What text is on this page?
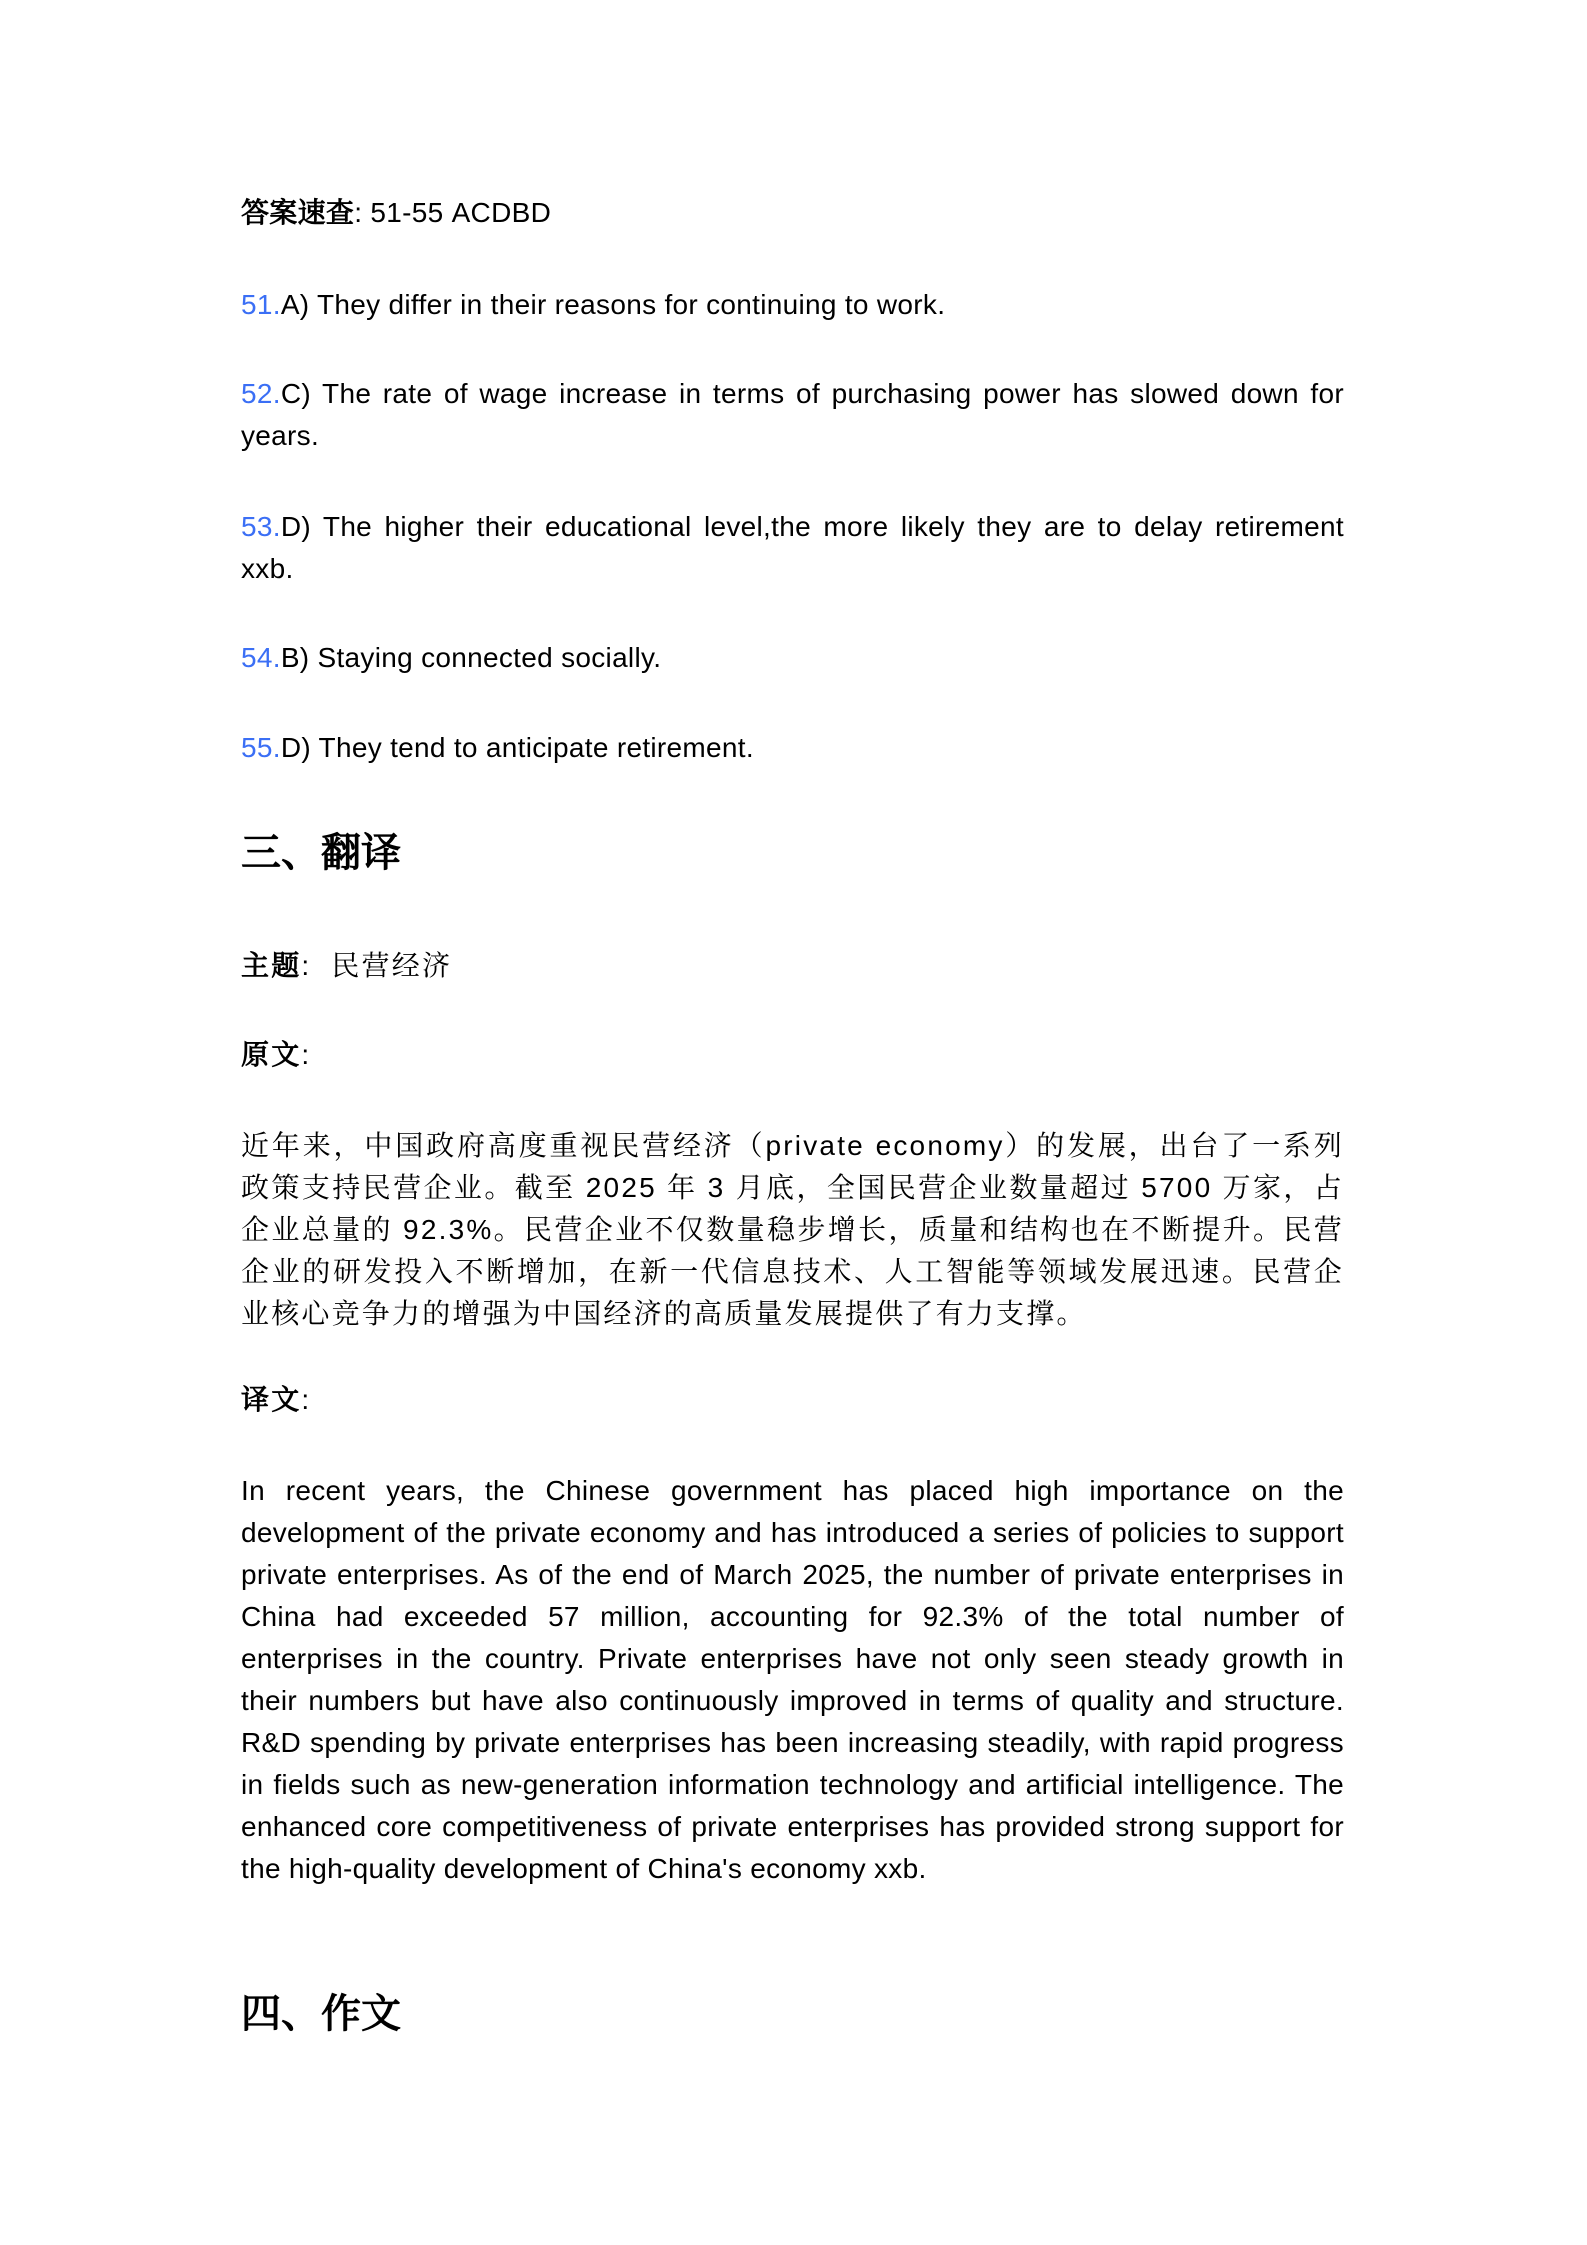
答案速查: 51-55 ACDBD

51.A) They differ in their reasons for continuing to work.

52.C) The rate of wage increase in terms of purchasing power has slowed down for years.

53.D) The higher their educational level,the more likely they are to delay retirement xxb.

54.B) Staying connected socially.

55.D) They tend to anticipate retirement.

三、翻译

主题: 民营经济

原文:

近年来，中国政府高度重视民营经济（private economy）的发展，出台了一系列政策支持民营企业。截至 2025 年 3 月底，全国民营企业数量超过 5700 万家，占企业总量的 92.3%。民营企业不仅数量稳步增长，质量和结构也在不断提升。民营企业的研发投入不断增加，在新一代信息技术、人工智能等领域发展迅速。民营企业核心竞争力的增强为中国经济的高质量发展提供了有力支撑。

译文:

In recent years, the Chinese government has placed high importance on the development of the private economy and has introduced a series of policies to support private enterprises. As of the end of March 2025, the number of private enterprises in China had exceeded 57 million, accounting for 92.3% of the total number of enterprises in the country. Private enterprises have not only seen steady growth in their numbers but have also continuously improved in terms of quality and structure. R&D spending by private enterprises has been increasing steadily, with rapid progress in fields such as new-generation information technology and artificial intelligence. The enhanced core competitiveness of private enterprises has provided strong support for the high-quality development of China's economy xxb.

四、作文
